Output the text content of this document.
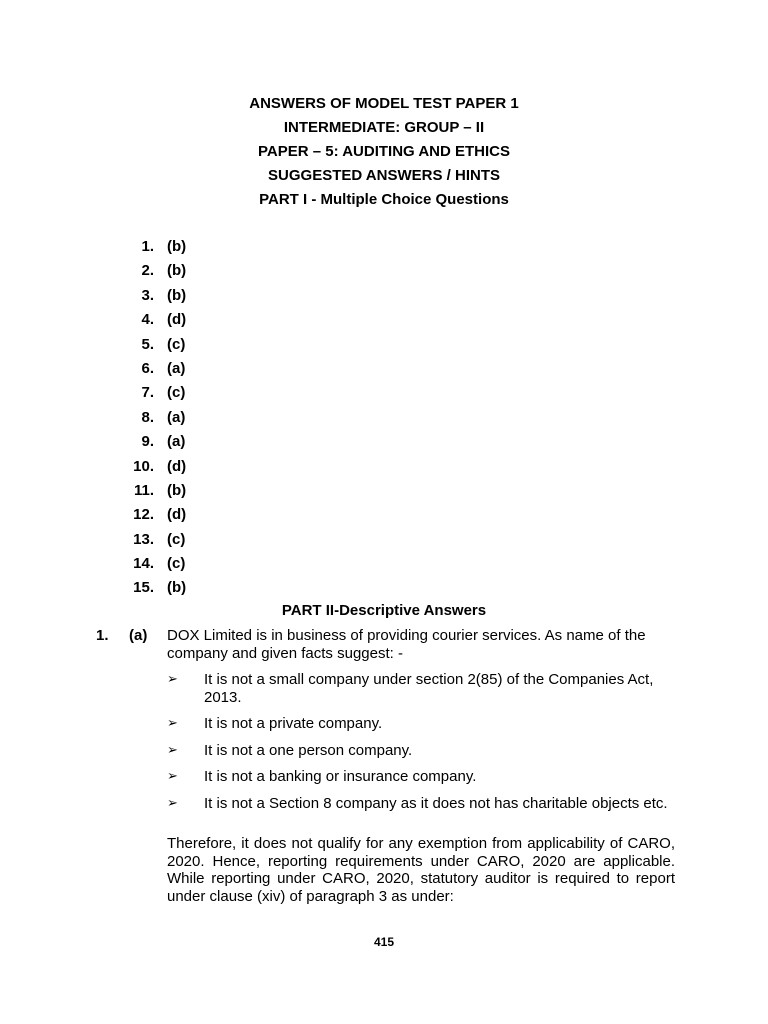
ANSWERS OF MODEL TEST PAPER 1
INTERMEDIATE: GROUP – II
PAPER – 5: AUDITING AND ETHICS
SUGGESTED ANSWERS / HINTS
PART I - Multiple Choice Questions
1. (b)
2. (b)
3. (b)
4. (d)
5. (c)
6. (a)
7. (c)
8. (a)
9. (a)
10. (d)
11. (b)
12. (d)
13. (c)
14. (c)
15. (b)
PART II-Descriptive Answers
1. (a) DOX Limited is in business of providing courier services. As name of the company and given facts suggest: -
➢	It is not a small company under section 2(85) of the Companies Act, 2013.
➢	It is not a private company.
➢	It is not a one person company.
➢	It is not a banking or insurance company.
➢	It is not a Section 8 company as it does not has charitable objects etc.
Therefore, it does not qualify for any exemption from applicability of CARO, 2020. Hence, reporting requirements under CARO, 2020 are applicable. While reporting under CARO, 2020, statutory auditor is required to report under clause (xiv) of paragraph 3 as under:
415
